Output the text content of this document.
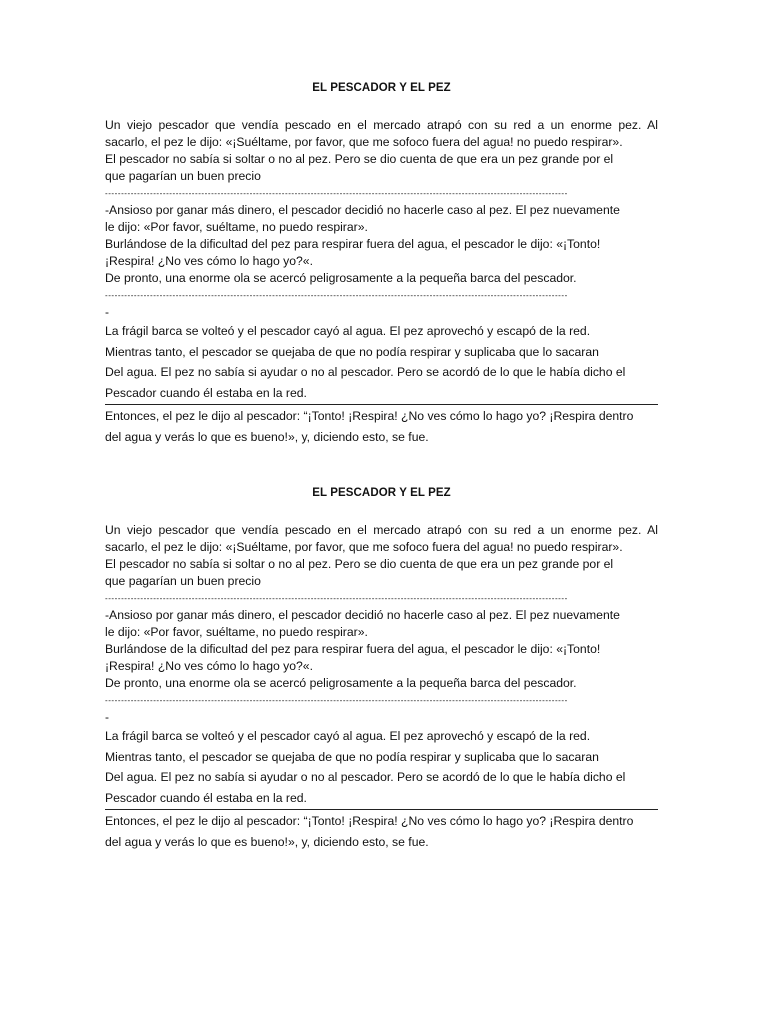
EL PESCADOR Y EL PEZ
Un viejo pescador que vendía pescado en el mercado atrapó con su red a un enorme pez. Al
sacarlo, el pez le dijo: «¡Suéltame, por favor, que me sofoco fuera del agua! no puedo respirar».
El pescador no sabía si soltar o no al pez. Pero se dio cuenta de que era un pez grande por el
que pagarían un buen precio
------------------------------------------------------------------------------------------------------------------------------------------------
-Ansioso por ganar más dinero, el pescador decidió no hacerle caso al pez. El pez nuevamente
le dijo: «Por favor, suéltame, no puedo respirar».
Burlándose de la dificultad del pez para respirar fuera del agua, el pescador le dijo: «¡Tonto!
¡Respira! ¿No ves cómo lo hago yo?«.
De pronto, una enorme ola se acercó peligrosamente a la pequeña barca del pescador.
------------------------------------------------------------------------------------------------------------------------------------------------
-
La frágil barca se volteó y el pescador cayó al agua. El pez aprovechó y escapó de la red.
Mientras tanto, el pescador se quejaba de que no podía respirar y suplicaba que lo sacaran
Del agua. El pez no sabía si ayudar o no al pescador. Pero se acordó de lo que le había dicho el
Pescador cuando él estaba en la red.
Entonces, el pez le dijo al pescador: “¡Tonto! ¡Respira! ¿No ves cómo lo hago yo? ¡Respira dentro
del agua y verás lo que es bueno!», y, diciendo esto, se fue.
EL PESCADOR Y EL PEZ
Un viejo pescador que vendía pescado en el mercado atrapó con su red a un enorme pez. Al
sacarlo, el pez le dijo: «¡Suéltame, por favor, que me sofoco fuera del agua! no puedo respirar».
El pescador no sabía si soltar o no al pez. Pero se dio cuenta de que era un pez grande por el
que pagarían un buen precio
------------------------------------------------------------------------------------------------------------------------------------------------
-Ansioso por ganar más dinero, el pescador decidió no hacerle caso al pez. El pez nuevamente
le dijo: «Por favor, suéltame, no puedo respirar».
Burlándose de la dificultad del pez para respirar fuera del agua, el pescador le dijo: «¡Tonto!
¡Respira! ¿No ves cómo lo hago yo?«.
De pronto, una enorme ola se acercó peligrosamente a la pequeña barca del pescador.
------------------------------------------------------------------------------------------------------------------------------------------------
-
La frágil barca se volteó y el pescador cayó al agua. El pez aprovechó y escapó de la red.
Mientras tanto, el pescador se quejaba de que no podía respirar y suplicaba que lo sacaran
Del agua. El pez no sabía si ayudar o no al pescador. Pero se acordó de lo que le había dicho el
Pescador cuando él estaba en la red.
Entonces, el pez le dijo al pescador: “¡Tonto! ¡Respira! ¿No ves cómo lo hago yo? ¡Respira dentro
del agua y verás lo que es bueno!», y, diciendo esto, se fue.
